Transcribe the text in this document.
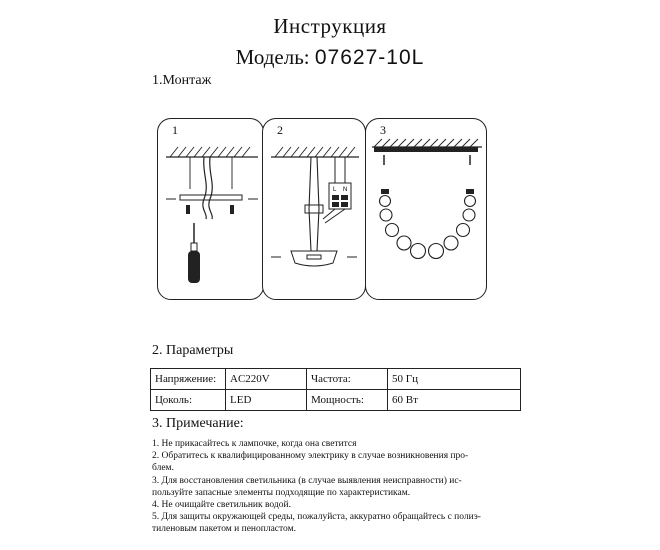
Инструкция
Модель: 07627-10L
1.Монтаж
1	2
L N
3
2. Параметры
Напряжение:	AC220V	Частота:	50 Гц
Цоколь:	LED	Мощность:	60 Вт
3. Примечание:
1. Не прикасайтесь к лампочке, когда она светится
2. Обратитесь к квалифицированному электрику в случае возникновения про-
блем.
3. Для восстановления светильника (в случае выявления неисправности) ис-
пользуйте запасные элементы подходящие по характеристикам.
4. Не очищайте светильник водой.
5. Для защиты окружающей среды, пожалуйста, аккуратно обращайтесь с полиэ-
тиленовым пакетом и пенопластом.
